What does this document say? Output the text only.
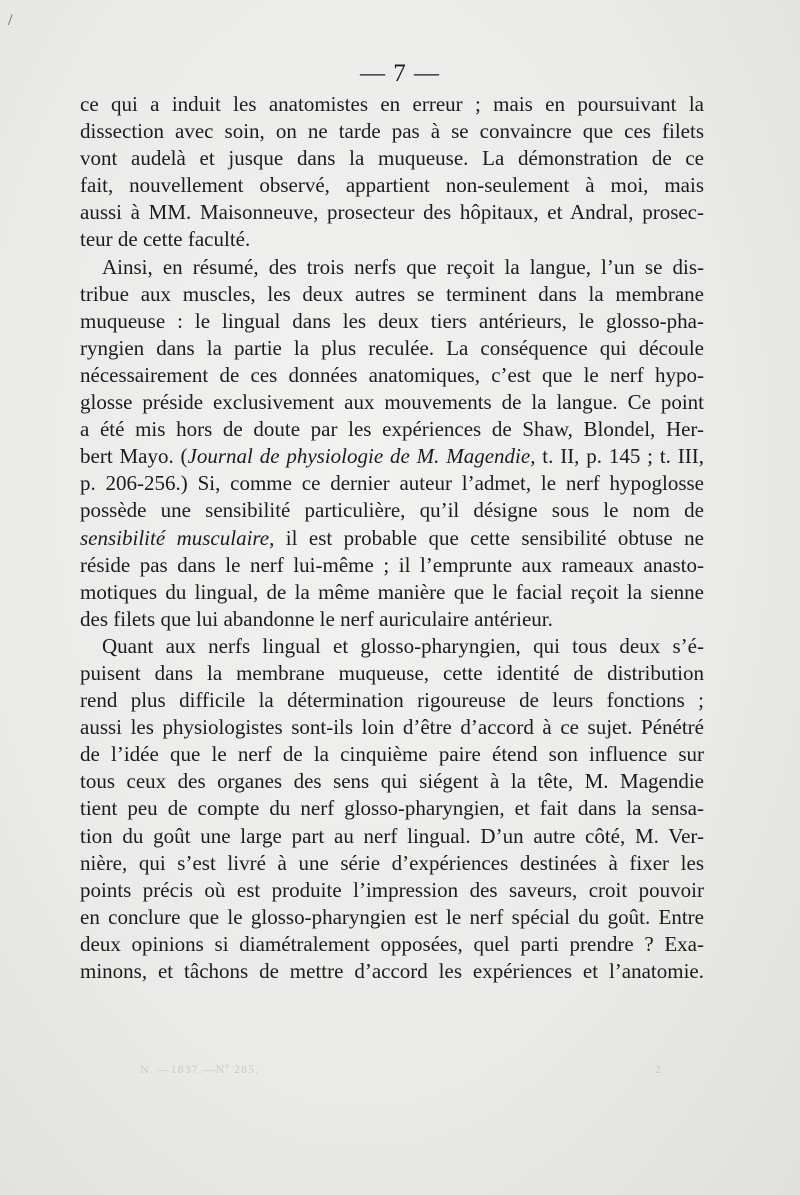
/
— 7 —
ce qui a induit les anatomistes en erreur ; mais en poursuivant la
dissection avec soin, on ne tarde pas à se convaincre que ces filets
vont audelà et jusque dans la muqueuse. La démonstration de ce
fait, nouvellement observé, appartient non-seulement à moi, mais
aussi à MM. Maisonneuve, prosecteur des hôpitaux, et Andral, prosec-
teur de cette faculté.
Ainsi, en résumé, des trois nerfs que reçoit la langue, l’un se dis-
tribue aux muscles, les deux autres se terminent dans la membrane
muqueuse : le lingual dans les deux tiers antérieurs, le glosso-pha-
ryngien dans la partie la plus reculée. La conséquence qui découle
nécessairement de ces données anatomiques, c’est que le nerf hypo-
glosse préside exclusivement aux mouvements de la langue. Ce point
a été mis hors de doute par les expériences de Shaw, Blondel, Her-
bert Mayo. (Journal de physiologie de M. Magendie, t. II, p. 145 ; t. III,
p. 206-256.) Si, comme ce dernier auteur l’admet, le nerf hypoglosse
possède une sensibilité particulière, qu’il désigne sous le nom de
sensibilité musculaire, il est probable que cette sensibilité obtuse ne
réside pas dans le nerf lui-même ; il l’emprunte aux rameaux anasto-
motiques du lingual, de la même manière que le facial reçoit la sienne
des filets que lui abandonne le nerf auriculaire antérieur.
Quant aux nerfs lingual et glosso-pharyngien, qui tous deux s’é-
puisent dans la membrane muqueuse, cette identité de distribution
rend plus difficile la détermination rigoureuse de leurs fonctions ;
aussi les physiologistes sont-ils loin d’être d’accord à ce sujet. Pénétré
de l’idée que le nerf de la cinquième paire étend son influence sur
tous ceux des organes des sens qui siégent à la tête, M. Magendie
tient peu de compte du nerf glosso-pharyngien, et fait dans la sensa-
tion du goût une large part au nerf lingual. D’un autre côté, M. Ver-
nière, qui s’est livré à une série d’expériences destinées à fixer les
points précis où est produite l’impression des saveurs, croit pouvoir
en conclure que le glosso-pharyngien est le nerf spécial du goût. Entre
deux opinions si diamétralement opposées, quel parti prendre ? Exa-
minons, et tâchons de mettre d’accord les expériences et l’anatomie.
N. —1837.—Nº 285.	2
